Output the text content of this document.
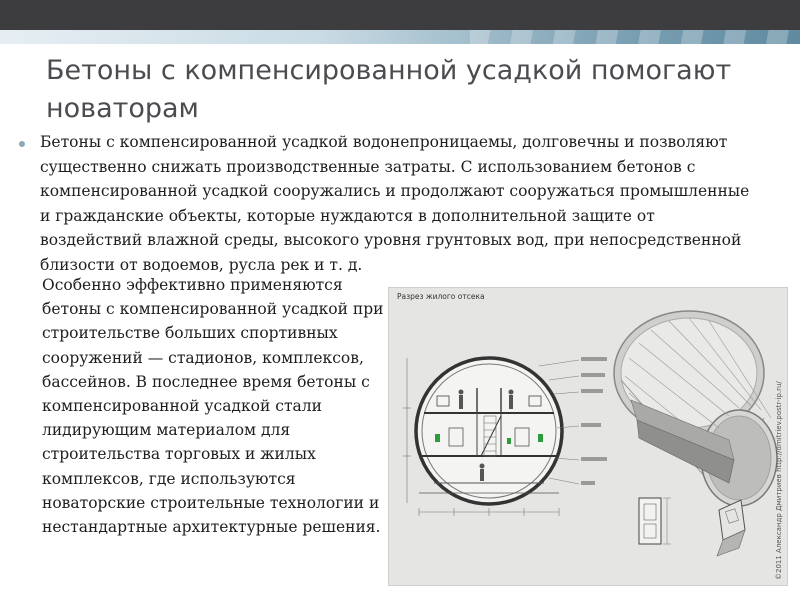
Бетоны с компенсированной усадкой помогают новаторам
Бетоны с компенсированной усадкой водонепроницаемы, долговечны и позволяют существенно снижать производственные затраты. С использованием бетонов с компенсированной усадкой сооружались и продолжают сооружаться промышленные и гражданские объекты, которые нуждаются в дополнительной защите от воздействий влажной среды, высокого уровня грунтовых вод, при непосредственной близости от водоемов, русла рек и т. д.
Особенно эффективно применяются бетоны с компенсированной усадкой при строительстве больших спортивных сооружений — стадионов, комплексов, бассейнов. В последнее время бетоны с компенсированной усадкой стали лидирующим материалом для строительства торговых и жилых комплексов, где используются новаторские строительные технологии и нестандартные архитектурные решения.
Разрез жилого отсека
©2011 Александр Дмитриев http://dmitriev.postr-ip.ru/
